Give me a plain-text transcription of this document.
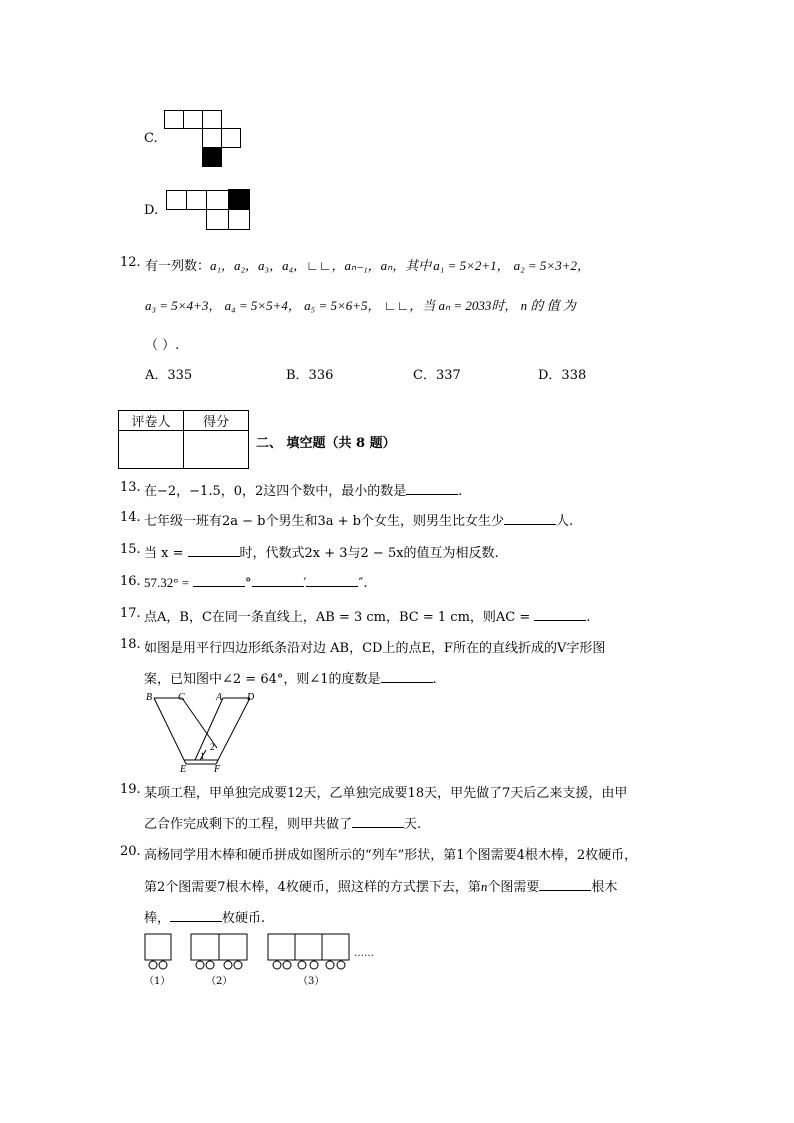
C.
D.
12. 有一列数：a₁，a₂，a₃，a₄，∟∟，aₙ₋₁，aₙ，其中 a₁ = 5×2+1， a₂ = 5×3+2，
a₃ = 5×4+3， a₄ = 5×5+4， a₅ = 5×6+5， ∟∟，当 aₙ = 2033时， n 的 值 为
（ ）.
A．335	B．336	C．337	D．338
评卷人	得分

二、 填空题（共 8 题）
13. 在−2，−1.5，0，2这四个数中，最小的数是	.
14. 七年级一班有2a − b个男生和3a + b个女生，则男生比女生少	人.
15. 当 x =	时，代数式2x + 3与2 − 5x的值互为相反数.
16. 57.32° =	°	′	″.
17. 点A，B，C在同一条直线上，AB = 3 cm，BC = 1 cm，则AC =	.
18. 如图是用平行四边形纸条沿对边 AB，CD上的点E，F所在的直线折成的V字形图
案，已知图中∠2 = 64°，则∠1的度数是	.
B	C	A D
E	F
1
2
19. 某项工程，甲单独完成要12天，乙单独完成要18天，甲先做了7天后乙来支援，由甲
乙合作完成剩下的工程，则甲共做了	天.
20. 高杨同学用木棒和硬币拼成如图所示的“列车”形状，第1个图需要4根木棒，2枚硬币，
第2个图需要7根木棒，4枚硬币，照这样的方式摆下去，第n个图需要	根木
棒，	枚硬币.
（1）	（2）	（3）
……
